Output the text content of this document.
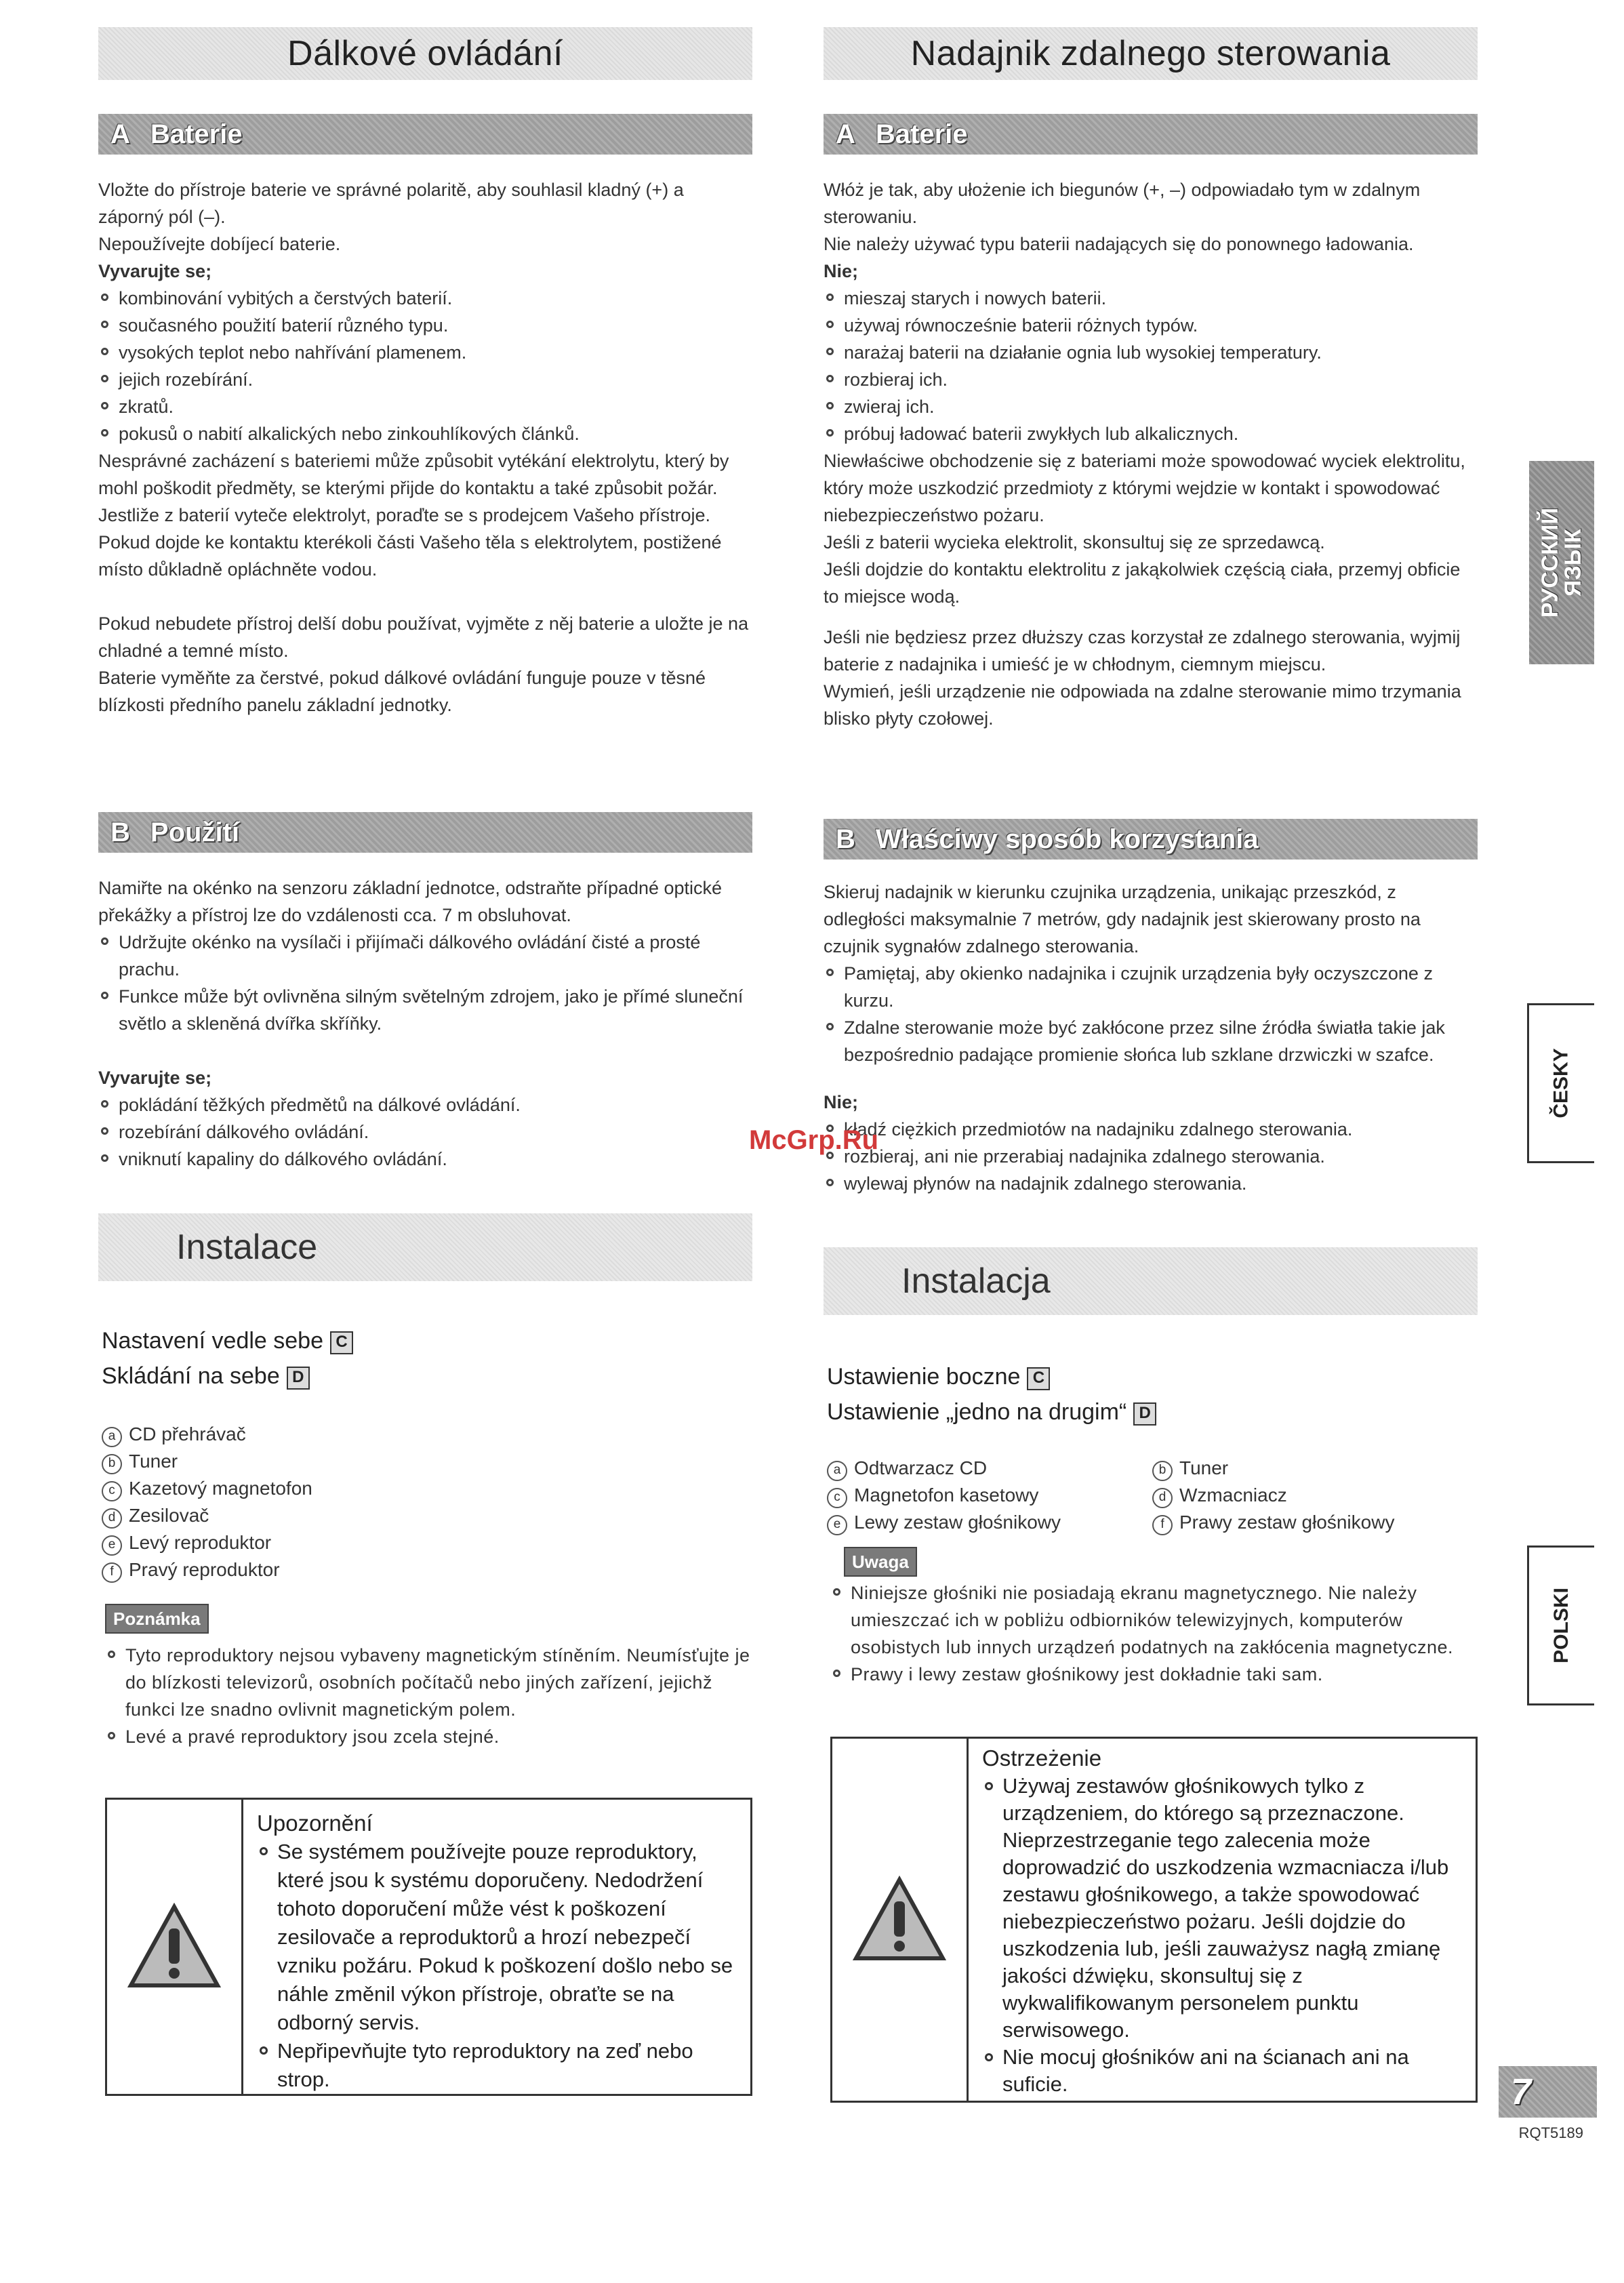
Dálkové ovládání
A Baterie

Vložte do přístroje baterie ve správné polaritě, aby souhlasil kladný (+) a záporný pól (–).

Nepoužívejte dobíjecí baterie.

Vyvarujte se;

kombinování vybitých a čerstvých baterií.
současného použití baterií různého typu.
vysokých teplot nebo nahřívání plamenem.
jejich rozebírání.
zkratů.
pokusů o nabití alkalických nebo zinkouhlíkových článků.

Nesprávné zacházení s bateriemi může způsobit vytékání elektrolytu, který by mohl poškodit předměty, se kterými přijde do kontaktu a také způsobit požár.

Jestliže z baterií vyteče elektrolyt, poraďte se s prodejcem Vašeho přístroje.

Pokud dojde ke kontaktu kterékoli části Vašeho těla s elektrolytem, postižené místo důkladně opláchněte vodou.

Pokud nebudete přístroj delší dobu používat, vyjměte z něj baterie a uložte je na chladné a temné místo.

Baterie vyměňte za čerstvé, pokud dálkové ovládání funguje pouze v těsné blízkosti předního panelu základní jednotky.

B Použití

Namiřte na okénko na senzoru základní jednotce, odstraňte případné optické překážky a přístroj lze do vzdálenosti cca. 7 m obsluhovat.

Udržujte okénko na vysílači i přijímači dálkového ovládání čisté a prosté prachu.
Funkce může být ovlivněna silným světelným zdrojem, jako je přímé sluneční světlo a skleněná dvířka skříňky.

Vyvarujte se;

pokládání těžkých předmětů na dálkové ovládání.
rozebírání dálkového ovládání.
vniknutí kapaliny do dálkového ovládání.
Instalace
Nastavení vedle sebe C
Skládání na sebe D
a CD přehrávač
b Tuner
c Kazetový magnetofon
d Zesilovač
e Levý reproduktor
f Pravý reproduktor
Poznámka
Tyto reproduktory nejsou vybaveny magnetickým stíněním. Neumísťujte je do blízkosti televizorů, osobních počítačů nebo jiných zařízení, jejichž funkci lze snadno ovlivnit magnetickým polem.
Levé a pravé reproduktory jsou zcela stejné.
Upozornění
Se systémem používejte pouze reproduktory, které jsou k systému doporučeny. Nedodržení tohoto doporučení může vést k poškození zesilovače a reproduktorů a hrozí nebezpečí vzniku požáru. Pokud k poškození došlo nebo se náhle změnil výkon přístroje, obraťte se na odborný servis.
Nepřipevňujte tyto reproduktory na zeď nebo strop.
Nadajnik zdalnego sterowania
A Baterie

Włóż je tak, aby ułożenie ich biegunów (+, –) odpowiadało tym w zdalnym sterowaniu.

Nie należy używać typu baterii nadających się do ponownego ładowania.

Nie;

mieszaj starych i nowych baterii.
używaj równocześnie baterii różnych typów.
narażaj baterii na działanie ognia lub wysokiej temperatury.
rozbieraj ich.
zwieraj ich.
próbuj ładować baterii zwykłych lub alkalicznych.

Niewłaściwe obchodzenie się z bateriami może spowodować wyciek elektrolitu, który może uszkodzić przedmioty z którymi wejdzie w kontakt i spowodować niebezpieczeństwo pożaru.

Jeśli z baterii wycieka elektrolit, skonsultuj się ze sprzedawcą.

Jeśli dojdzie do kontaktu elektrolitu z jakąkolwiek częścią ciała, przemyj obficie to miejsce wodą.

Jeśli nie będziesz przez dłuższy czas korzystał ze zdalnego sterowania, wyjmij baterie z nadajnika i umieść je w chłodnym, ciemnym miejscu.

Wymień, jeśli urządzenie nie odpowiada na zdalne sterowanie mimo trzymania blisko płyty czołowej.

B Właściwy sposób korzystania

Skieruj nadajnik w kierunku czujnika urządzenia, unikając przeszkód, z odległości maksymalnie 7 metrów, gdy nadajnik jest skierowany prosto na czujnik sygnałów zdalnego sterowania.

Pamiętaj, aby okienko nadajnika i czujnik urządzenia były oczyszczone z kurzu.
Zdalne sterowanie może być zakłócone przez silne źródła światła takie jak bezpośrednio padające promienie słońca lub szklane drzwiczki w szafce.

Nie;

kładź ciężkich przedmiotów na nadajniku zdalnego sterowania.
rozbieraj, ani nie przerabiaj nadajnika zdalnego sterowania.
wylewaj płynów na nadajnik zdalnego sterowania.
Instalacja
Ustawienie boczne C
Ustawienie „jedno na drugim“ D
a Odtwarzacz CD
c Magnetofon kasetowy
e Lewy zestaw głośnikowy
b Tuner
d Wzmacniacz
f Prawy zestaw głośnikowy
Uwaga
Niniejsze głośniki nie posiadają ekranu magnetycznego. Nie należy umieszczać ich w pobliżu odbiorników telewizyjnych, komputerów osobistych lub innych urządzeń podatnych na zakłócenia magnetyczne.
Prawy i lewy zestaw głośnikowy jest dokładnie taki sam.
Ostrzeżenie
Używaj zestawów głośnikowych tylko z urządzeniem, do którego są przeznaczone. Nieprzestrzeganie tego zalecenia może doprowadzić do uszkodzenia wzmacniacza i/lub zestawu głośnikowego, a także spowodować niebezpieczeństwo pożaru. Jeśli dojdzie do uszkodzenia lub, jeśli zauważysz nagłą zmianę jakości dźwięku, skonsultuj się z wykwalifikowanym personelem punktu serwisowego.
Nie mocuj głośników ani na ścianach ani na suficie.
РУССКИЙ ЯЗЫК
ČESKY
POLSKI
7
RQT5189
McGrp.Ru
